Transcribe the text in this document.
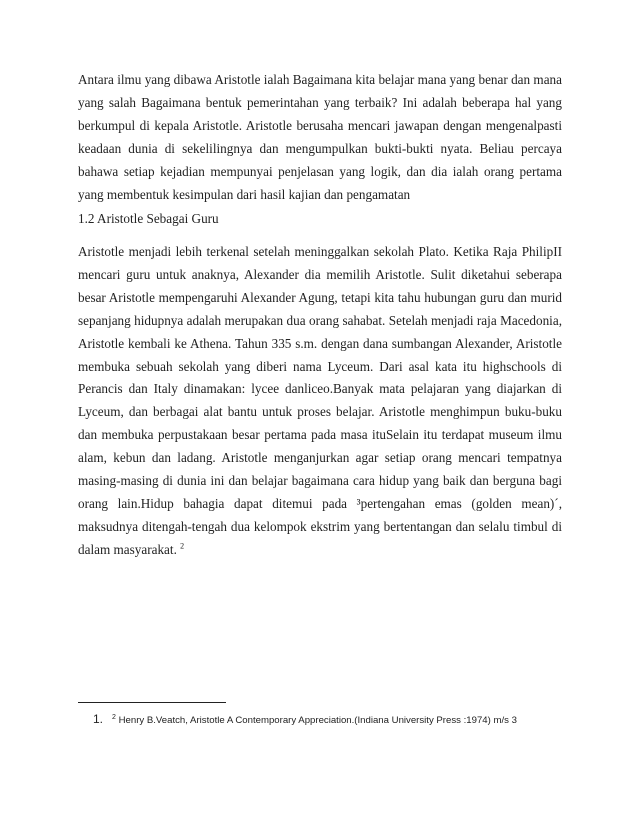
Antara ilmu yang dibawa Aristotle ialah Bagaimana kita belajar mana yang benar dan mana yang salah Bagaimana bentuk pemerintahan yang terbaik? Ini adalah beberapa hal yang berkumpul di kepala Aristotle. Aristotle berusaha mencari jawapan dengan mengenalpasti keadaan dunia di sekelilingnya dan mengumpulkan bukti-bukti nyata. Beliau percaya bahawa setiap kejadian mempunyai penjelasan yang logik, dan dia ialah orang pertama yang membentuk kesimpulan dari hasil kajian dan pengamatan

1.2 Aristotle Sebagai Guru

Aristotle menjadi lebih terkenal setelah meninggalkan sekolah Plato. Ketika Raja PhilipII mencari guru untuk anaknya, Alexander dia memilih Aristotle. Sulit diketahui seberapa besar Aristotle mempengaruhi Alexander Agung, tetapi kita tahu hubungan guru dan murid sepanjang hidupnya adalah merupakan dua orang sahabat. Setelah menjadi raja Macedonia, Aristotle kembali ke Athena. Tahun 335 s.m. dengan dana sumbangan Alexander, Aristotle membuka sebuah sekolah yang diberi nama Lyceum. Dari asal kata itu highschools di Perancis dan Italy dinamakan: lycee danliceo.Banyak mata pelajaran yang diajarkan di Lyceum, dan berbagai alat bantu untuk proses belajar. Aristotle menghimpun buku-buku dan membuka perpustakaan besar pertama pada masa ituSelain itu terdapat museum ilmu alam, kebun dan ladang. Aristotle menganjurkan agar setiap orang mencari tempatnya masing-masing di dunia ini dan belajar bagaimana cara hidup yang baik dan berguna bagi orang lain.Hidup bahagia dapat ditemui pada ³pertengahan emas (golden mean)´, maksudnya ditengah-tengah dua kelompok ekstrim yang bertentangan dan selalu timbul di dalam masyarakat. $^2$

1. $^2$ Henry B.Veatch, Aristotle A Contemporary Appreciation.(Indiana University Press :1974) m/s 3
